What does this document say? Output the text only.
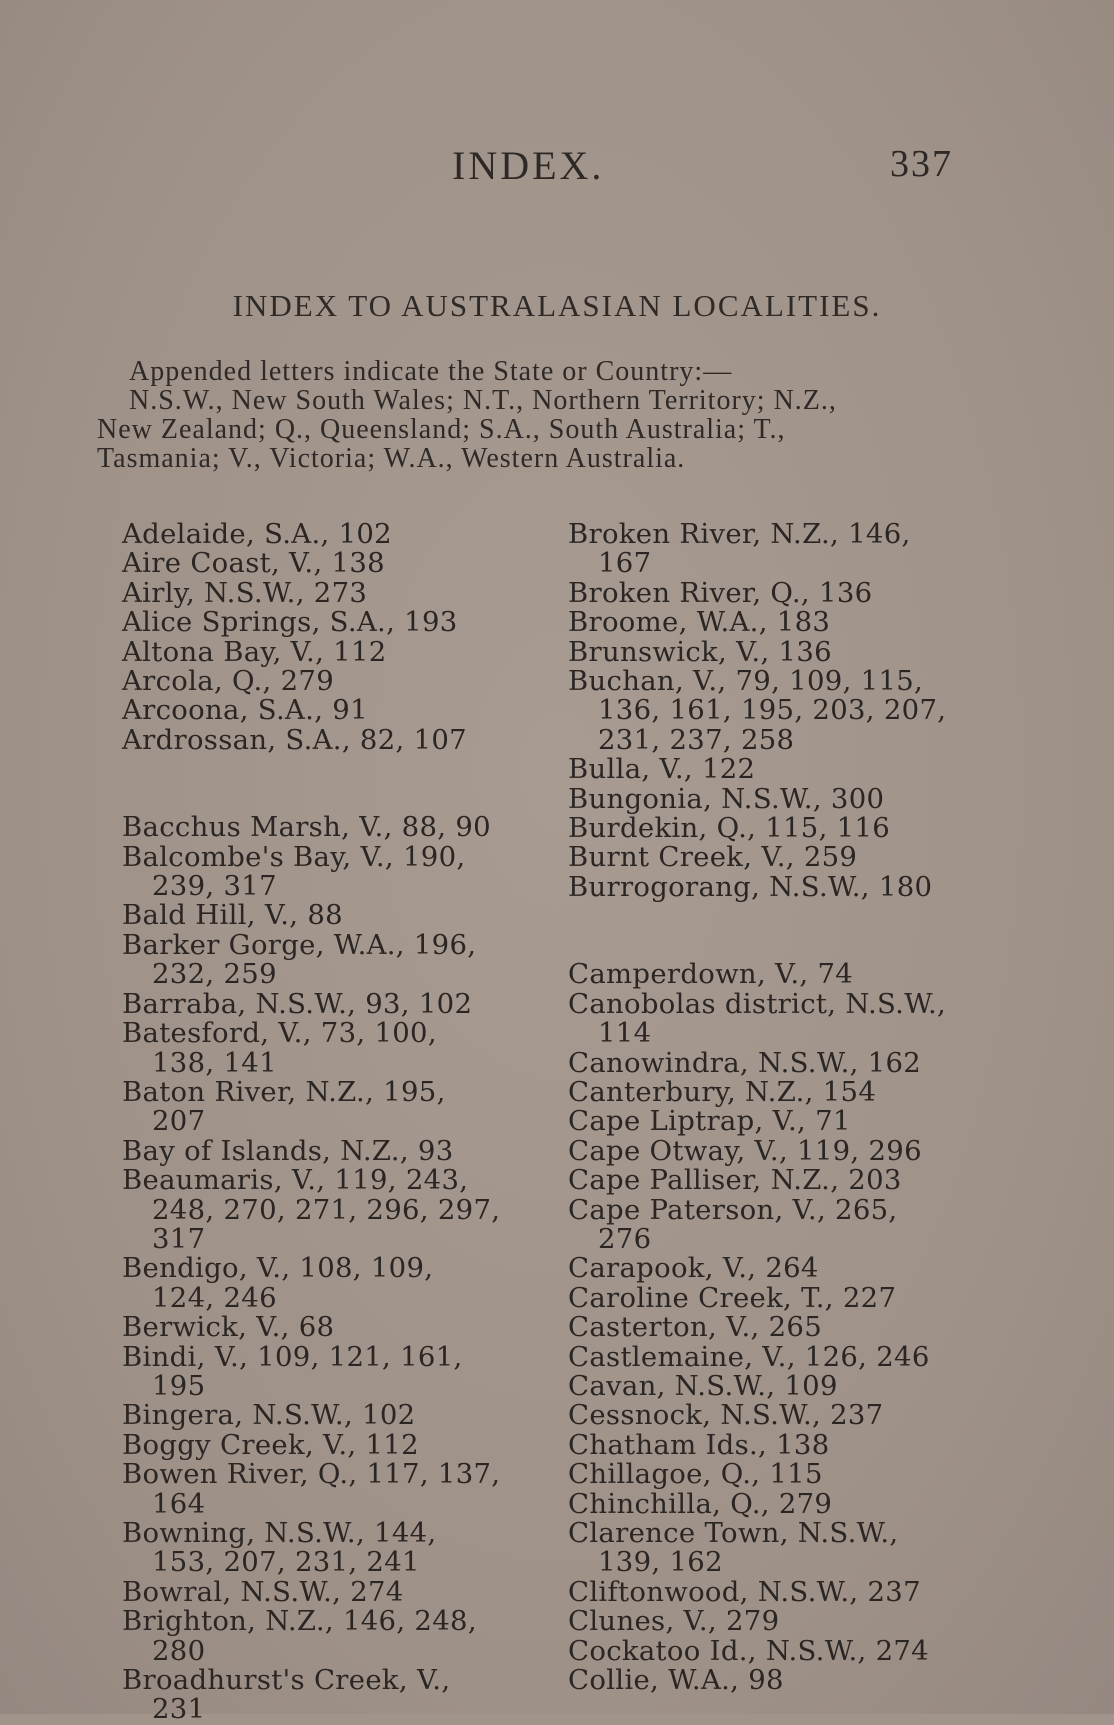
INDEX.	337
INDEX TO AUSTRALASIAN LOCALITIES.

Appended letters indicate the State or Country:—

N.S.W., New South Wales; N.T., Northern Territory; N.Z.,

New Zealand; Q., Queensland; S.A., South Australia; T.,

Tasmania; V., Victoria; W.A., Western Australia.

Adelaide, S.A., 102

Aire Coast, V., 138

Airly, N.S.W., 273

Alice Springs, S.A., 193

Altona Bay, V., 112

Arcola, Q., 279

Arcoona, S.A., 91

Ardrossan, S.A., 82, 107

Bacchus Marsh, V., 88, 90

Balcombe's Bay, V., 190, 239, 317

Bald Hill, V., 88

Barker Gorge, W.A., 196, 232, 259

Barraba, N.S.W., 93, 102

Batesford, V., 73, 100, 138, 141

Baton River, N.Z., 195, 207

Bay of Islands, N.Z., 93

Beaumaris, V., 119, 243, 248, 270, 271, 296, 297, 317

Bendigo, V., 108, 109, 124, 246

Berwick, V., 68

Bindi, V., 109, 121, 161, 195

Bingera, N.S.W., 102

Boggy Creek, V., 112

Bowen River, Q., 117, 137, 164

Bowning, N.S.W., 144, 153, 207, 231, 241

Bowral, N.S.W., 274

Brighton, N.Z., 146, 248, 280

Broadhurst's Creek, V., 231

Broken River, N.Z., 146, 167

Broken River, Q., 136

Broome, W.A., 183

Brunswick, V., 136

Buchan, V., 79, 109, 115, 136, 161, 195, 203, 207, 231, 237, 258

Bulla, V., 122

Bungonia, N.S.W., 300

Burdekin, Q., 115, 116

Burnt Creek, V., 259

Burrogorang, N.S.W., 180

Camperdown, V., 74

Canobolas district, N.S.W., 114

Canowindra, N.S.W., 162

Canterbury, N.Z., 154

Cape Liptrap, V., 71

Cape Otway, V., 119, 296

Cape Palliser, N.Z., 203

Cape Paterson, V., 265, 276

Carapook, V., 264

Caroline Creek, T., 227

Casterton, V., 265

Castlemaine, V., 126, 246

Cavan, N.S.W., 109

Cessnock, N.S.W., 237

Chatham Ids., 138

Chillagoe, Q., 115

Chinchilla, Q., 279

Clarence Town, N.S.W., 139, 162

Cliftonwood, N.S.W., 237

Clunes, V., 279

Cockatoo Id., N.S.W., 274

Collie, W.A., 98
